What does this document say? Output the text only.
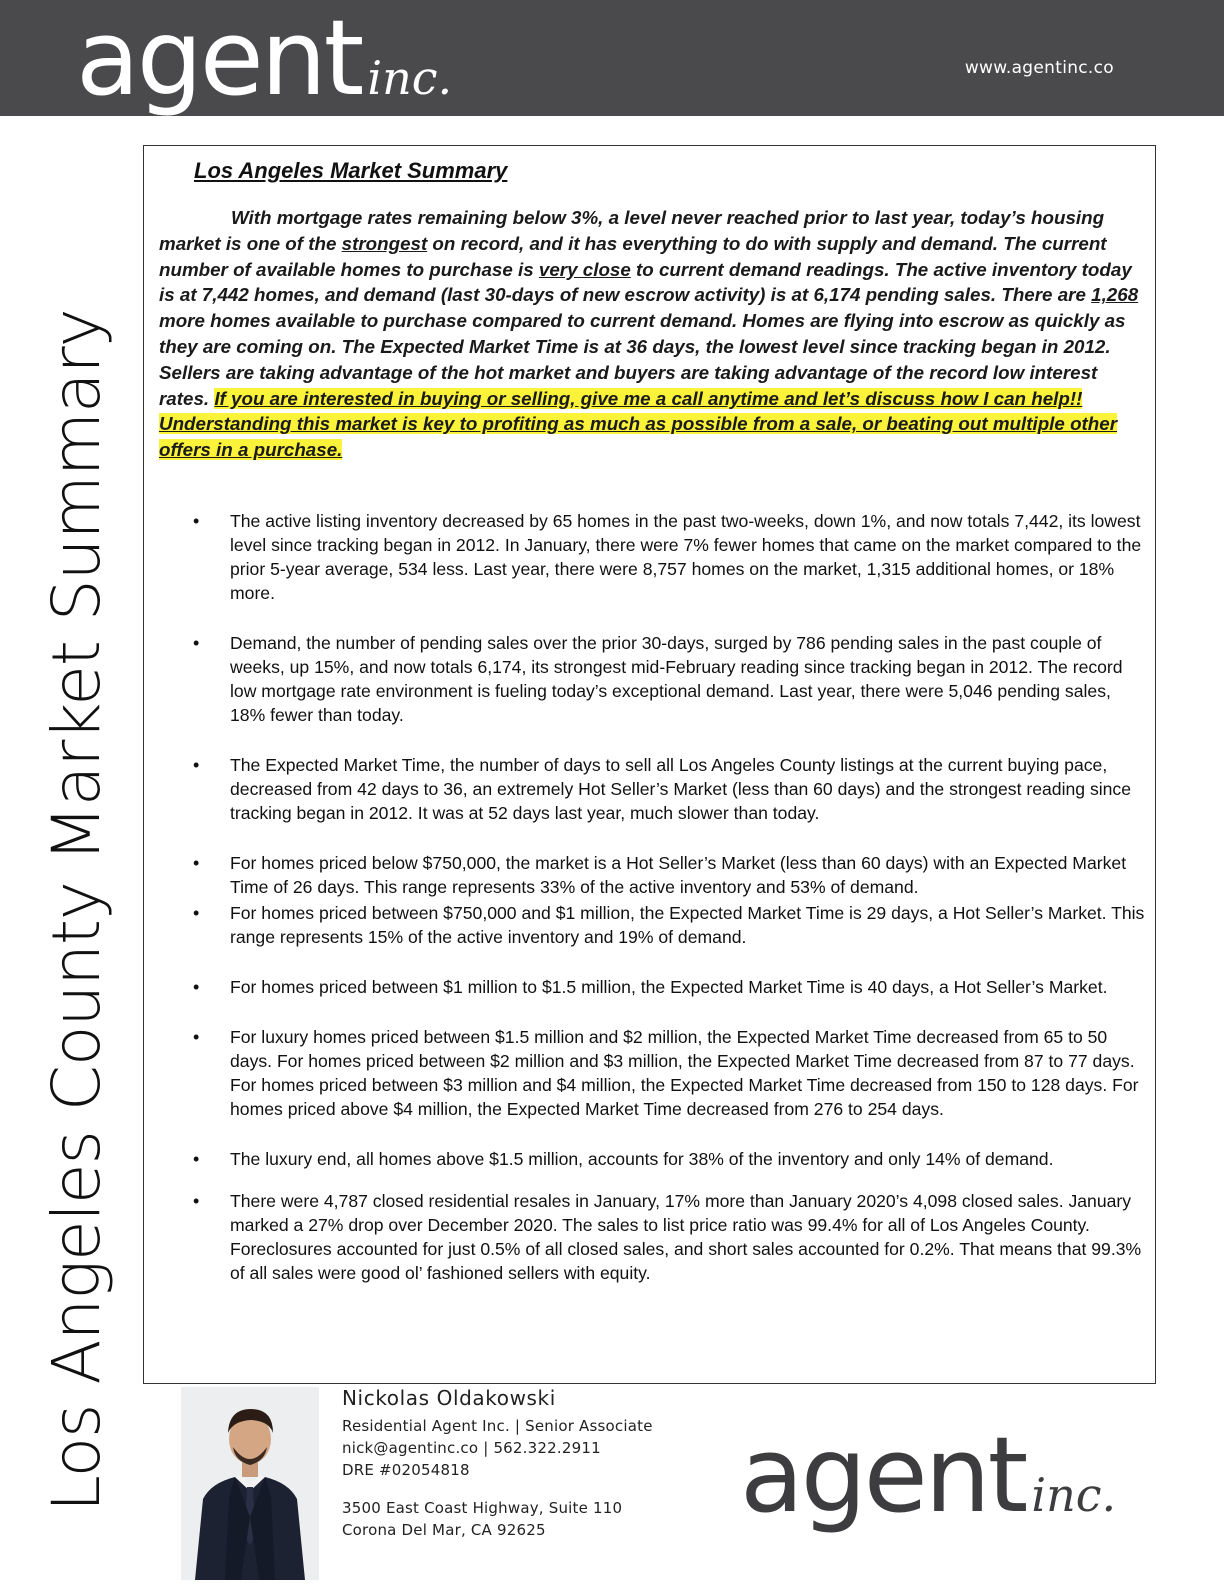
agent inc.	www.agentinc.co
Los Angeles County Market Summary
Los Angeles Market Summary

With mortgage rates remaining below 3%, a level never reached prior to last year, today’s housing market is one of the strongest on record, and it has everything to do with supply and demand. The current number of available homes to purchase is very close to current demand readings. The active inventory today is at 7,442 homes, and demand (last 30-days of new escrow activity) is at 6,174 pending sales. There are 1,268 more homes available to purchase compared to current demand. Homes are flying into escrow as quickly as they are coming on. The Expected Market Time is at 36 days, the lowest level since tracking began in 2012. Sellers are taking advantage of the hot market and buyers are taking advantage of the record low interest rates. If you are interested in buying or selling, give me a call anytime and let’s discuss how I can help!! Understanding this market is key to profiting as much as possible from a sale, or beating out multiple other offers in a purchase.

• The active listing inventory decreased by 65 homes in the past two-weeks, down 1%, and now totals 7,442, its lowest level since tracking began in 2012. In January, there were 7% fewer homes that came on the market compared to the prior 5-year average, 534 less. Last year, there were 8,757 homes on the market, 1,315 additional homes, or 18% more.
• Demand, the number of pending sales over the prior 30-days, surged by 786 pending sales in the past couple of weeks, up 15%, and now totals 6,174, its strongest mid-February reading since tracking began in 2012. The record low mortgage rate environment is fueling today’s exceptional demand. Last year, there were 5,046 pending sales, 18% fewer than today.
• The Expected Market Time, the number of days to sell all Los Angeles County listings at the current buying pace, decreased from 42 days to 36, an extremely Hot Seller’s Market (less than 60 days) and the strongest reading since tracking began in 2012. It was at 52 days last year, much slower than today.
• For homes priced below $750,000, the market is a Hot Seller’s Market (less than 60 days) with an Expected Market Time of 26 days. This range represents 33% of the active inventory and 53% of demand.
• For homes priced between $750,000 and $1 million, the Expected Market Time is 29 days, a Hot Seller’s Market. This range represents 15% of the active inventory and 19% of demand.
• For homes priced between $1 million to $1.5 million, the Expected Market Time is 40 days, a Hot Seller’s Market.
• For luxury homes priced between $1.5 million and $2 million, the Expected Market Time decreased from 65 to 50 days. For homes priced between $2 million and $3 million, the Expected Market Time decreased from 87 to 77 days. For homes priced between $3 million and $4 million, the Expected Market Time decreased from 150 to 128 days. For homes priced above $4 million, the Expected Market Time decreased from 276 to 254 days.
• The luxury end, all homes above $1.5 million, accounts for 38% of the inventory and only 14% of demand.
• There were 4,787 closed residential resales in January, 17% more than January 2020’s 4,098 closed sales. January marked a 27% drop over December 2020. The sales to list price ratio was 99.4% for all of Los Angeles County. Foreclosures accounted for just 0.5% of all closed sales, and short sales accounted for 0.2%. That means that 99.3% of all sales were good ol’ fashioned sellers with equity.

Nickolas Oldakowski

Residential Agent Inc. | Senior Associate

nick@agentinc.co | 562.322.2911

DRE #02054818

3500 East Coast Highway, Suite 110

Corona Del Mar, CA 92625	agent inc.
